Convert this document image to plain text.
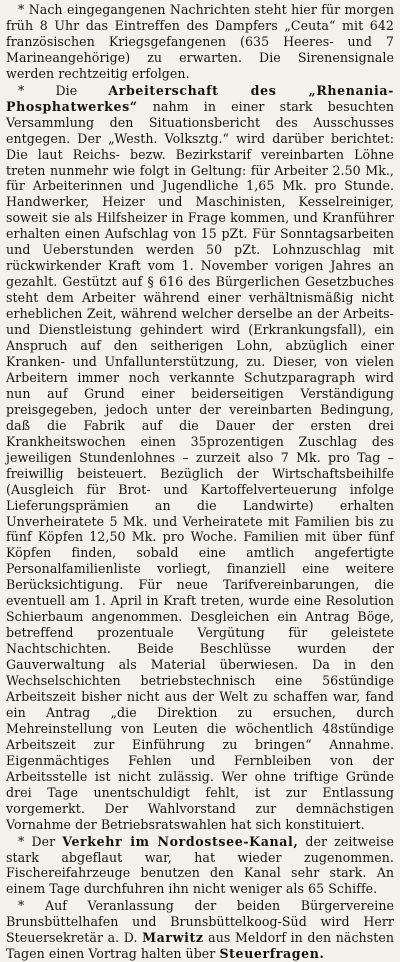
* Nach eingegangenen Nachrichten steht hier für morgen früh 8 Uhr das Eintreffen des Dampfers „Ceuta“ mit 642 französischen Kriegsgefangenen (635 Heeres- und 7 Marineangehörige) zu erwarten. Die Sirenensignale werden rechtzeitig erfolgen.

* Die Arbeiterschaft des „Rhenania-Phosphatwerkes“ nahm in einer stark besuchten Versammlung den Situationsbericht des Ausschusses entgegen. Der „Westh. Volksztg.“ wird darüber berichtet: Die laut Reichs- bezw. Bezirkstarif vereinbarten Löhne treten nunmehr wie folgt in Geltung: für Arbeiter 2.50 Mk., für Arbeiterinnen und Jugendliche 1,65 Mk. pro Stunde. Handwerker, Heizer und Maschinisten, Kesselreiniger, soweit sie als Hilfsheizer in Frage kommen, und Kranführer erhalten einen Aufschlag von 15 pZt. Für Sonntagsarbeiten und Ueberstunden werden 50 pZt. Lohnzuschlag mit rückwirkender Kraft vom 1. November vorigen Jahres an gezahlt. Gestützt auf § 616 des Bürgerlichen Gesetzbuches steht dem Arbeiter während einer verhältnismäßig nicht erheblichen Zeit, während welcher derselbe an der Arbeits- und Dienstleistung gehindert wird (Erkrankungsfall), ein Anspruch auf den seitherigen Lohn, abzüglich einer Kranken- und Unfallunterstützung, zu. Dieser, von vielen Arbeitern immer noch verkannte Schutzparagraph wird nun auf Grund einer beiderseitigen Verständigung preisgegeben, jedoch unter der vereinbarten Bedingung, daß die Fabrik auf die Dauer der ersten drei Krankheitswochen einen 35prozentigen Zuschlag des jeweiligen Stundenlohnes – zurzeit also 7 Mk. pro Tag – freiwillig beisteuert. Bezüglich der Wirtschaftsbeihilfe (Ausgleich für Brot- und Kartoffelverteuerung infolge Lieferungsprämien an die Landwirte) erhalten Unverheiratete 5 Mk. und Verheiratete mit Familien bis zu fünf Köpfen 12,50 Mk. pro Woche. Familien mit über fünf Köpfen finden, sobald eine amtlich angefertigte Personalfamilienliste vorliegt, finanziell eine weitere Berücksichtigung. Für neue Tarifvereinbarungen, die eventuell am 1. April in Kraft treten, wurde eine Resolution Schierbaum angenommen. Desgleichen ein Antrag Böge, betreffend prozentuale Vergütung für geleistete Nachtschichten. Beide Beschlüsse wurden der Gauverwaltung als Material überwiesen. Da in den Wechselschichten betriebstechnisch eine 56stündige Arbeitszeit bisher nicht aus der Welt zu schaffen war, fand ein Antrag „die Direktion zu ersuchen, durch Mehreinstellung von Leuten die wöchentlich 48stündige Arbeitszeit zur Einführung zu bringen“ Annahme. Eigenmächtiges Fehlen und Fernbleiben von der Arbeitsstelle ist nicht zulässig. Wer ohne triftige Gründe drei Tage unentschuldigt fehlt, ist zur Entlassung vorgemerkt. Der Wahlvorstand zur demnächstigen Vornahme der Betriebsratswahlen hat sich konstituiert.

* Der Verkehr im Nordostsee-Kanal, der zeitweise stark abgeflaut war, hat wieder zugenommen. Fischereifahrzeuge benutzen den Kanal sehr stark. An einem Tage durchfuhren ihn nicht weniger als 65 Schiffe.

* Auf Veranlassung der beiden Bürgervereine Brunsbüttelhafen und Brunsbüttelkoog-Süd wird Herr Steuersekretär a. D. Marwitz aus Meldorf in den nächsten Tagen einen Vortrag halten über Steuerfragen.
